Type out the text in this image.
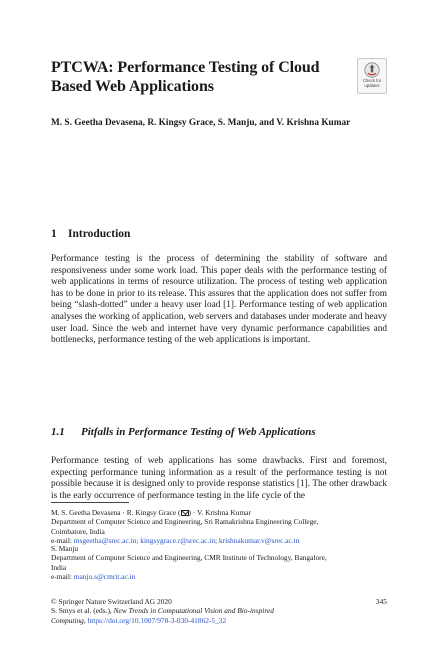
PTCWA: Performance Testing of Cloud
Based Web Applications	Check for
updates
M. S. Geetha Devasena, R. Kingsy Grace, S. Manju, and V. Krishna Kumar
1 Introduction

Performance testing is the process of determining the stability of software and responsiveness under some work load. This paper deals with the performance testing of web applications in terms of resource utilization. The process of testing web application has to be done in prior to its release. This assures that the application does not suffer from being “slash-dotted” under a heavy user load [1]. Performance testing of web application analyses the working of application, web servers and databases under moderate and heavy user load. Since the web and internet have very dynamic performance capabilities and bottlenecks, performance testing of the web applications is important.

1.1 Pitfalls in Performance Testing of Web Applications

Performance testing of web applications has some drawbacks. First and foremost, expecting performance tuning information as a result of the performance testing is not possible because it is designed only to provide response statistics [1]. The other drawback is the early occurrence of performance testing in the life cycle of the

M. S. Geetha Devasena · R. Kingsy Grace ( ) · V. Krishna Kumar
Department of Computer Science and Engineering, Sri Ramakrishna Engineering College,
Coimbatore, India
e-mail: msgeetha@srec.ac.in; kingsygrace.r@srec.ac.in; krishnakumar.v@srec.ac.in
S. Manju
Department of Computer Science and Engineering, CMR Institute of Technology, Bangalore,
India
e-mail: manju.s@cmrit.ac.in
© Springer Nature Switzerland AG 2020
S. Smys et al. (eds.), New Trends in Computational Vision and Bio-inspired
Computing, https://doi.org/10.1007/978-3-030-41862-5_32
345
